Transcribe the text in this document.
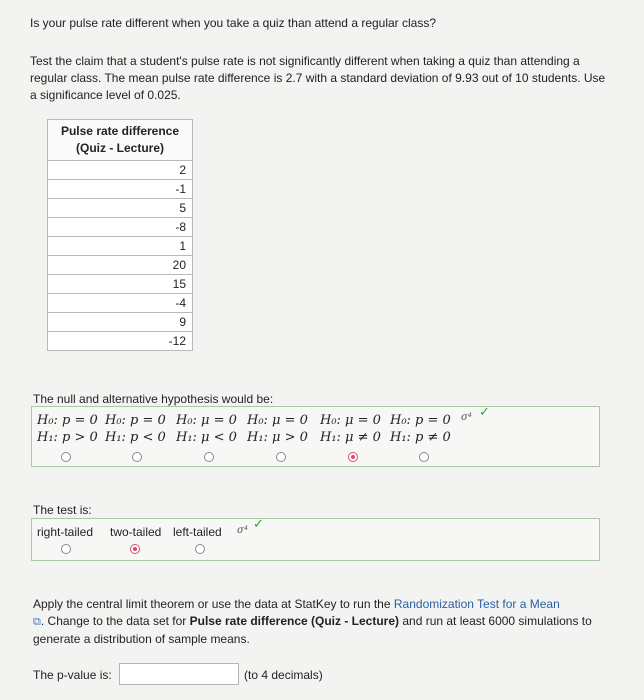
Is your pulse rate different when you take a quiz than attend a regular class?
Test the claim that a student's pulse rate is not significantly different when taking a quiz than attending a regular class. The mean pulse rate difference is 2.7 with a standard deviation of 9.93 out of 10 students. Use a significance level of 0.025.
Pulse rate difference
(Quiz - Lecture)
2
-1
5
-8
1
20
15
-4
9
-12
The null and alternative hypothesis would be:
H₀: p = 0
H₁: p > 0
H₀: p = 0
H₁: p < 0
H₀: μ = 0
H₁: μ < 0
H₀: μ = 0
H₁: μ > 0
H₀: μ = 0
H₁: μ ≠ 0
H₀: p = 0
H₁: p ≠ 0
σ⁴ ✓
The test is:
right-tailed two-tailed left-tailed σ⁴ ✓
Apply the central limit theorem or use the data at StatKey to run the Randomization Test for a Mean
⧉. Change to the data set for Pulse rate difference (Quiz - Lecture) and run at least 6000 simulations to generate a distribution of sample means.
The p-value is:	(to 4 decimals)
